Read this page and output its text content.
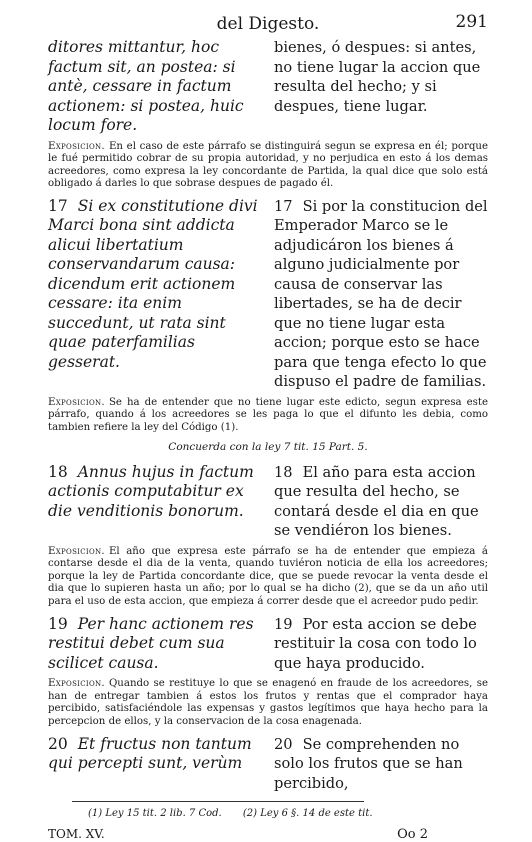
del Digesto.	291

ditores mittantur, hoc factum sit, an postea: si antè, cessare in factum actionem: si postea, huic locum fore.

bienes, ó despues: si antes, no tiene lugar la accion que resulta del hecho; y si despues, tiene lugar.

Exposicion. En el caso de este párrafo se distinguirá segun se expresa en él; porque le fué permitido cobrar de su propia autoridad, y no perjudica en esto á los demas acreedores, como expresa la ley concordante de Partida, la qual dice que solo está obligado á darles lo que sobrase despues de pagado él.

17 Si ex constitutione divi Marci bona sint addicta alicui libertatium conservandarum causa: dicendum erit actionem cessare: ita enim succedunt, ut rata sint quae paterfamilias gesserat.

17 Si por la constitucion del Emperador Marco se le adjudicáron los bienes á alguno judicialmente por causa de conservar las libertades, se ha de decir que no tiene lugar esta accion; porque esto se hace para que tenga efecto lo que dispuso el padre de familias.

Exposicion. Se ha de entender que no tiene lugar este edicto, segun expresa este párrafo, quando á los acreedores se les paga lo que el difunto les debia, como tambien refiere la ley del Código (1).

Concuerda con la ley 7 tit. 15 Part. 5.

18 Annus hujus in factum actionis computabitur ex die venditionis bonorum.

18 El año para esta accion que resulta del hecho, se contará desde el dia en que se vendiéron los bienes.

Exposicion. El año que expresa este párrafo se ha de entender que empieza á contarse desde el dia de la venta, quando tuviéron noticia de ella los acreedores; porque la ley de Partida concordante dice, que se puede revocar la venta desde el dia que lo supieren hasta un año; por lo qual se ha dicho (2), que se da un año util para el uso de esta accion, que empieza á correr desde que el acreedor pudo pedir.

19 Per hanc actionem res restitui debet cum sua scilicet causa.

19 Por esta accion se debe restituir la cosa con todo lo que haya producido.

Exposicion. Quando se restituye lo que se enagenó en fraude de los acreedores, se han de entregar tambien á estos los frutos y rentas que el comprador haya percibido, satisfaciéndole las expensas y gastos legítimos que haya hecho para la percepcion de ellos, y la conservacion de la cosa enagenada.

20 Et fructus non tantum qui percepti sunt, verùm

20 Se comprehenden no solo los frutos que se han percibido,

(1) Ley 15 tit. 2 lib. 7 Cod. (2) Ley 6 §. 14 de este tit.
TOM. XV.	Oo 2
